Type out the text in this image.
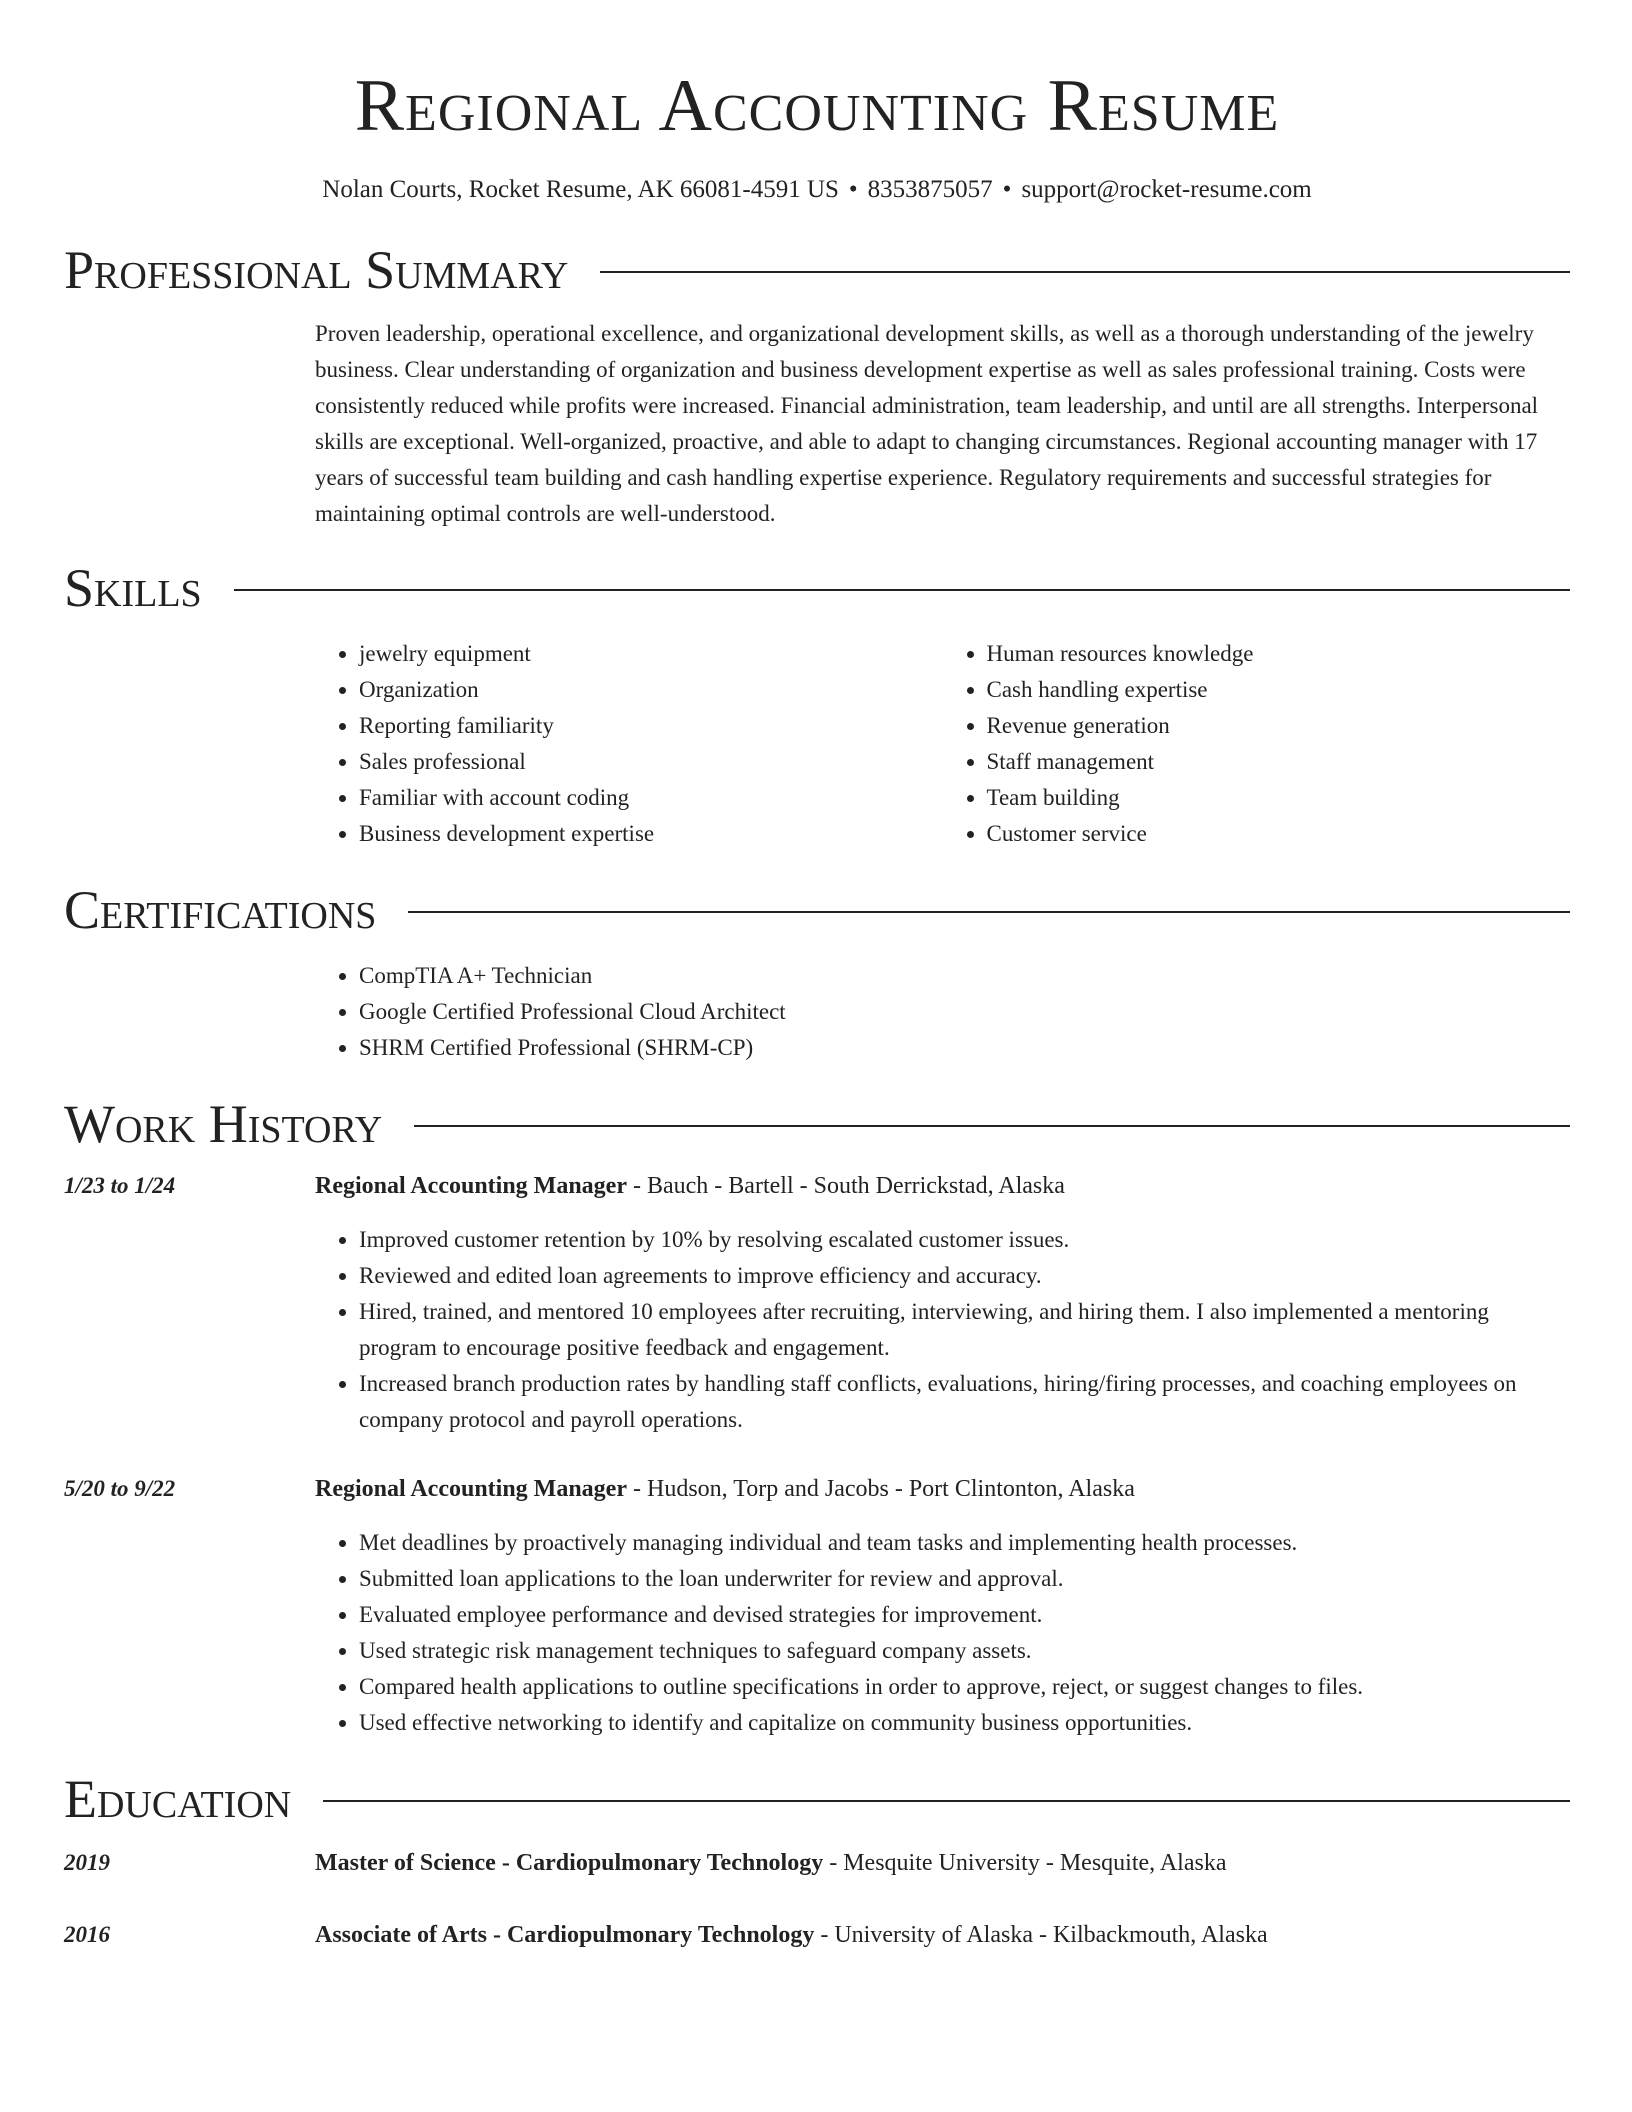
Regional Accounting Resume
Nolan Courts, Rocket Resume, AK 66081-4591 US • 8353875057 • support@rocket-resume.com
Professional Summary

Proven leadership, operational excellence, and organizational development skills, as well as a thorough understanding of the jewelry business. Clear understanding of organization and business development expertise as well as sales professional training. Costs were consistently reduced while profits were increased. Financial administration, team leadership, and until are all strengths. Interpersonal skills are exceptional. Well-organized, proactive, and able to adapt to changing circumstances. Regional accounting manager with 17 years of successful team building and cash handling expertise experience. Regulatory requirements and successful strategies for maintaining optimal controls are well-understood.

Skills
• jewelry equipment
• Organization
• Reporting familiarity
• Sales professional
• Familiar with account coding
• Business development expertise
• Human resources knowledge
• Cash handling expertise
• Revenue generation
• Staff management
• Team building
• Customer service
Certifications
• CompTIA A+ Technician
• Google Certified Professional Cloud Architect
• SHRM Certified Professional (SHRM-CP)
Work History
1/23 to 1/24	Regional Accounting Manager - Bauch - Bartell - South Derrickstad, Alaska
• Improved customer retention by 10% by resolving escalated customer issues.
• Reviewed and edited loan agreements to improve efficiency and accuracy.
• Hired, trained, and mentored 10 employees after recruiting, interviewing, and hiring them. I also implemented a mentoring program to encourage positive feedback and engagement.
• Increased branch production rates by handling staff conflicts, evaluations, hiring/firing processes, and coaching employees on company protocol and payroll operations.
5/20 to 9/22	Regional Accounting Manager - Hudson, Torp and Jacobs - Port Clintonton, Alaska
• Met deadlines by proactively managing individual and team tasks and implementing health processes.
• Submitted loan applications to the loan underwriter for review and approval.
• Evaluated employee performance and devised strategies for improvement.
• Used strategic risk management techniques to safeguard company assets.
• Compared health applications to outline specifications in order to approve, reject, or suggest changes to files.
• Used effective networking to identify and capitalize on community business opportunities.
Education
2019	Master of Science - Cardiopulmonary Technology - Mesquite University - Mesquite, Alaska
2016	Associate of Arts - Cardiopulmonary Technology - University of Alaska - Kilbackmouth, Alaska
